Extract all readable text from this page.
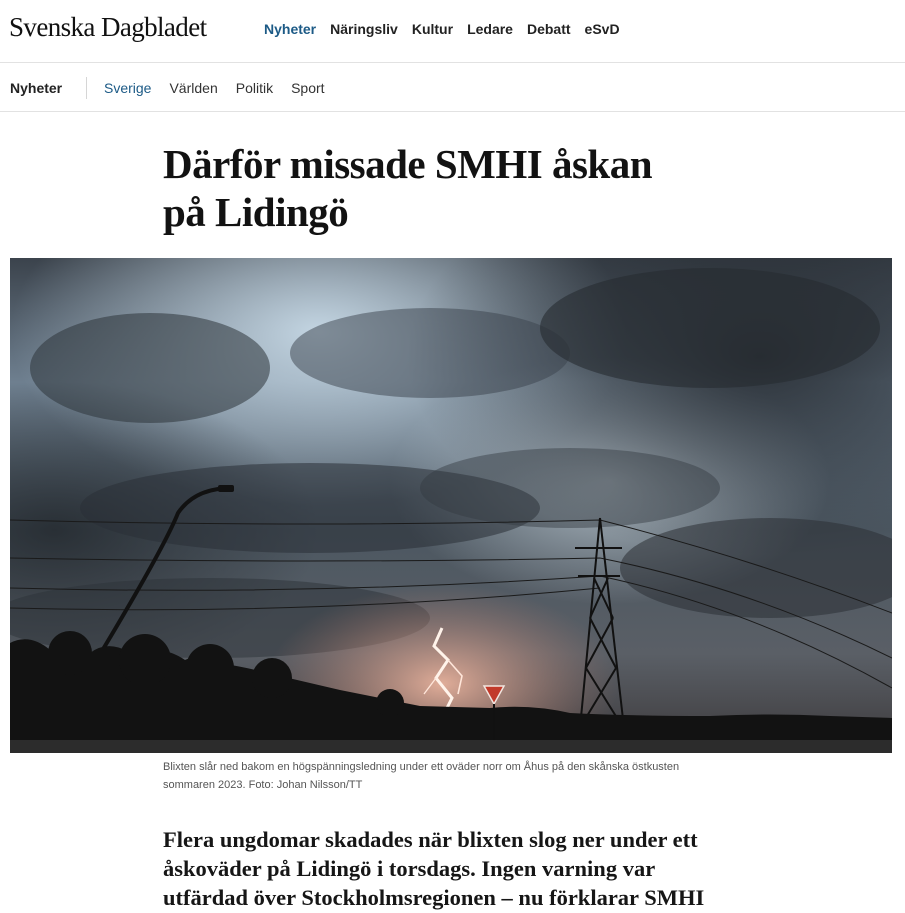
Svenska Dagbladet	Nyheter Näringsliv Kultur Ledare Debatt eSvD
Nyheter	Sverige Världen Politik Sport
Därför missade SMHI åskan på Lidingö

Blixten slår ned bakom en högspänningsledning under ett oväder norr om Åhus på den skånska östkusten sommaren 2023. Foto: Johan Nilsson/TT

Flera ungdomar skadades när blixten slog ner under ett åskoväder på Lidingö i torsdags. Ingen varning var utfärdad över Stockholmsregionen – nu förklarar SMHI
